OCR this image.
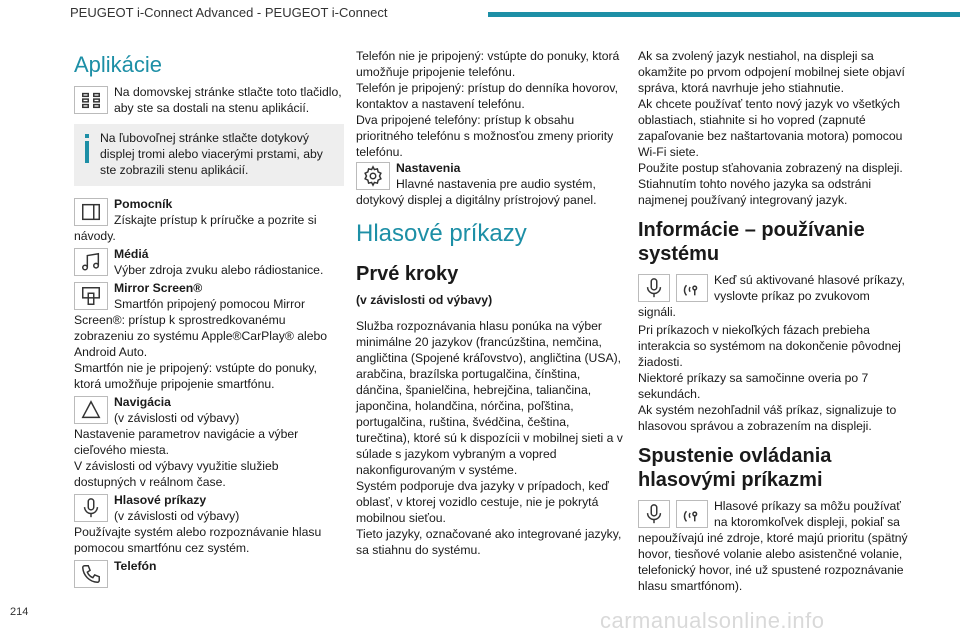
PEUGEOT i-Connect Advanced - PEUGEOT i-Connect
Aplikácie

Na domovskej stránke stlačte toto tlačidlo, aby ste sa dostali na stenu aplikácií.

Na ľubovoľnej stránke stlačte dotykový displej tromi alebo viacerými prstami, aby ste zobrazili stenu aplikácií.

Pomocník
Získajte prístup k príručke a pozrite si návody.

Médiá
Výber zdroja zvuku alebo rádiostanice.

Mirror Screen®
Smartfón pripojený pomocou Mirror Screen®: prístup k sprostredkovanému zobrazeniu zo systému Apple®CarPlay® alebo Android Auto.
Smartfón nie je pripojený: vstúpte do ponuky, ktorá umožňuje pripojenie smartfónu.

Navigácia
(v závislosti od výbavy)
Nastavenie parametrov navigácie a výber cieľového miesta.
V závislosti od výbavy využitie služieb dostupných v reálnom čase.

Hlasové príkazy
(v závislosti od výbavy)
Používajte systém alebo rozpoznávanie hlasu pomocou smartfónu cez systém.

Telefón

Telefón nie je pripojený: vstúpte do ponuky, ktorá umožňuje pripojenie telefónu.

Telefón je pripojený: prístup do denníka hovorov, kontaktov a nastavení telefónu.

Dva pripojené telefóny: prístup k obsahu prioritného telefónu s možnosťou zmeny priority telefónu.

Nastavenia
Hlavné nastavenia pre audio systém, dotykový displej a digitálny prístrojový panel.

Hlasové príkazy
Prvé kroky

(v závislosti od výbavy)

Služba rozpoznávania hlasu ponúka na výber minimálne 20 jazykov (francúzština, nemčina, angličtina (Spojené kráľovstvo), angličtina (USA), arabčina, brazílska portugalčina, čínština, dánčina, španielčina, hebrejčina, taliančina, japončina, holandčina, nórčina, poľština, portugalčina, ruština, švédčina, čeština, turečtina), ktoré sú k dispozícii v mobilnej sieti a v súlade s jazykom vybraným a vopred nakonfigurovaným v systéme.

Systém podporuje dva jazyky v prípadoch, keď oblasť, v ktorej vozidlo cestuje, nie je pokrytá mobilnou sieťou.

Tieto jazyky, označované ako integrované jazyky, sa stiahnu do systému.

Ak sa zvolený jazyk nestiahol, na displeji sa okamžite po prvom odpojení mobilnej siete objaví správa, ktorá navrhuje jeho stiahnutie.

Ak chcete používať tento nový jazyk vo všetkých oblastiach, stiahnite si ho vopred (zapnuté zapaľovanie bez naštartovania motora) pomocou Wi-Fi siete.

Použite postup sťahovania zobrazený na displeji.

Stiahnutím tohto nového jazyka sa odstráni najmenej používaný integrovaný jazyk.

Informácie – používanie systému

Keď sú aktivované hlasové príkazy, vyslovte príkaz po zvukovom signáli.

Pri príkazoch v niekoľkých fázach prebieha interakcia so systémom na dokončenie pôvodnej žiadosti.

Niektoré príkazy sa samočinne overia po 7 sekundách.

Ak systém nezohľadnil váš príkaz, signalizuje to hlasovou správou a zobrazením na displeji.

Spustenie ovládania hlasovými príkazmi

Hlasové príkazy sa môžu používať na ktoromkoľvek displeji, pokiaľ sa nepoužívajú iné zdroje, ktoré majú prioritu (spätný hovor, tiesňové volanie alebo asistenčné volanie, telefonický hovor, iné už spustené rozpoznávanie hlasu smartfónom).

214	carmanualsonline.info
